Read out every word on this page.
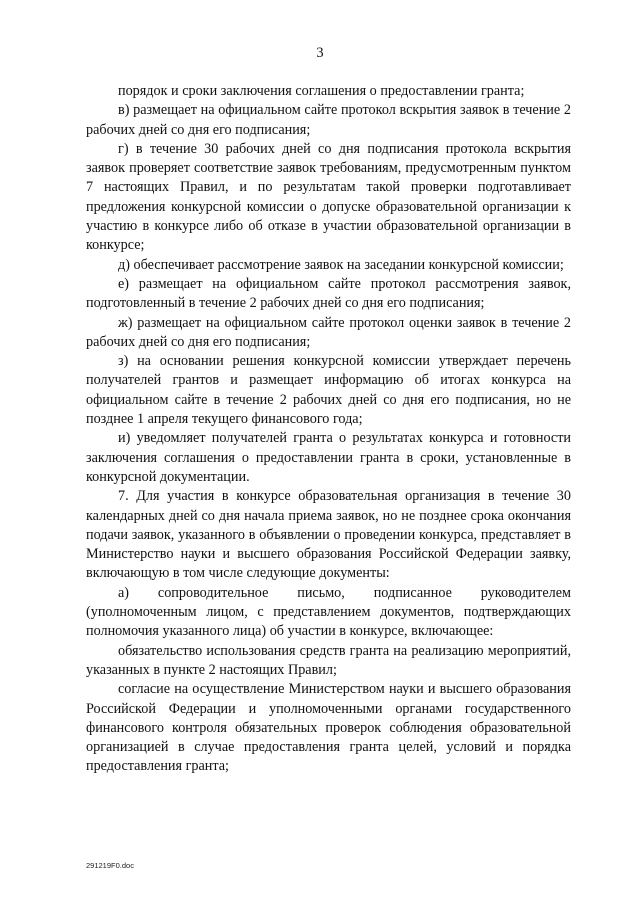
3

порядок и сроки заключения соглашения о предоставлении гранта;

в) размещает на официальном сайте протокол вскрытия заявок в течение 2 рабочих дней со дня его подписания;

г) в течение 30 рабочих дней со дня подписания протокола вскрытия заявок проверяет соответствие заявок требованиям, предусмотренным пунктом 7 настоящих Правил, и по результатам такой проверки подготавливает предложения конкурсной комиссии о допуске образовательной организации к участию в конкурсе либо об отказе в участии образовательной организации в конкурсе;

д) обеспечивает рассмотрение заявок на заседании конкурсной комиссии;

е) размещает на официальном сайте протокол рассмотрения заявок, подготовленный в течение 2 рабочих дней со дня его подписания;

ж) размещает на официальном сайте протокол оценки заявок в течение 2 рабочих дней со дня его подписания;

з) на основании решения конкурсной комиссии утверждает перечень получателей грантов и размещает информацию об итогах конкурса на официальном сайте в течение 2 рабочих дней со дня его подписания, но не позднее 1 апреля текущего финансового года;

и) уведомляет получателей гранта о результатах конкурса и готовности заключения соглашения о предоставлении гранта в сроки, установленные в конкурсной документации.

7. Для участия в конкурсе образовательная организация в течение 30 календарных дней со дня начала приема заявок, но не позднее срока окончания подачи заявок, указанного в объявлении о проведении конкурса, представляет в Министерство науки и высшего образования Российской Федерации заявку, включающую в том числе следующие документы:

а) сопроводительное письмо, подписанное руководителем (уполномоченным лицом, с представлением документов, подтверждающих полномочия указанного лица) об участии в конкурсе, включающее:

обязательство использования средств гранта на реализацию мероприятий, указанных в пункте 2 настоящих Правил;

согласие на осуществление Министерством науки и высшего образования Российской Федерации и уполномоченными органами государственного финансового контроля обязательных проверок соблюдения образовательной организацией в случае предоставления гранта целей, условий и порядка предоставления гранта;

291219F0.doc
